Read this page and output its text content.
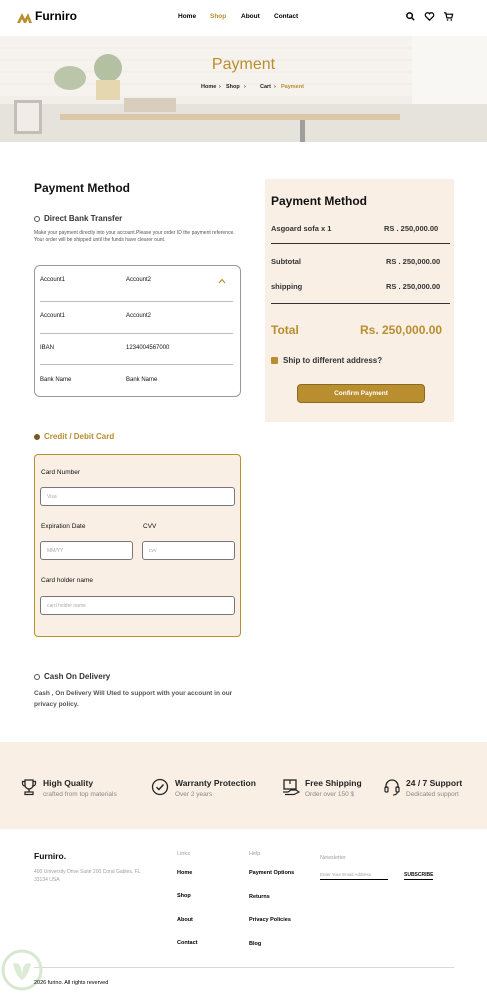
Furniro	Home Shop About Contact
Payment
Home › Shop ›	Cart › Payment
Payment Method
Direct Bank Transfer
Make your payment directly into your account.Please your order ID the payment reference. Your order will be shipped until the funds have clearer ount.
Account1	Account2
Account1	Account2
IBAN	1234004567000
Bank Name	Bank Name
Credit / Debit Card
Card Number
Visa
Expiration Date	CVV
MM/YY	cvv
Card holder name
card holder name
Cash On Delivery
Cash , On Delivery Will Uted to support with your account in our privacy policy.
Payment Method
Asgoard sofa x 1	RS . 250,000.00
Subtotal	RS . 250,000.00
shipping	RS . 250,000.00
Total	Rs. 250,000.00
Ship to different address?
Confirm Payment
High Quality
crafted from top materials
Warranty Protection
Over 2 years
Free Shipping
Order over 150 $
24 / 7 Support
Dedicated support
Furniro.
400 University Drive Suite 200 Coral Gables, FL 33134 USA
Links
Home
Shop
About
Contact
Help
Payment Options
Returns
Privacy Policies
Blog
Newsletter
Enter Your Email Address	SUBSCRIBE
2026 furino. All rights reverved
